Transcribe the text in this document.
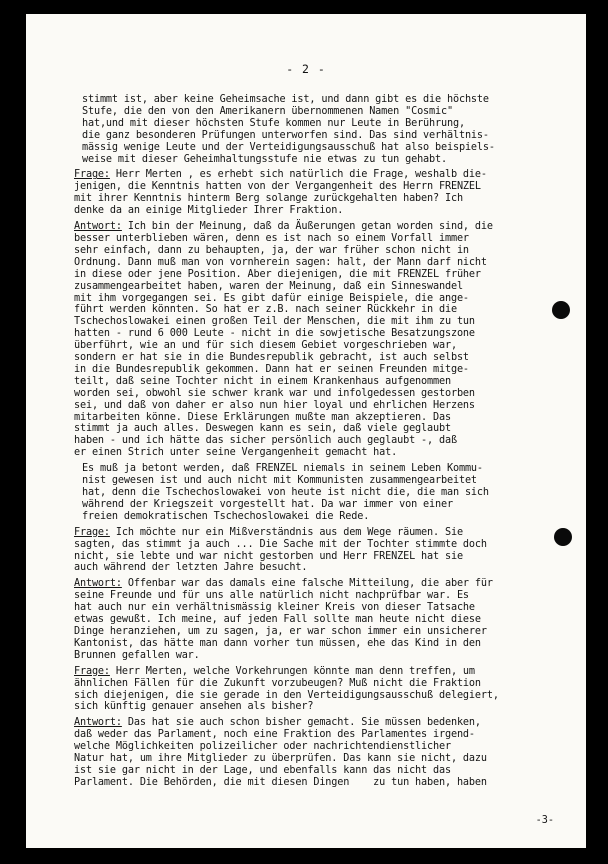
- 2 -
stimmt ist, aber keine Geheimsache ist, und dann gibt es die höchste
Stufe, die den von den Amerikanern übernommenen Namen "Cosmic"
hat,und mit dieser höchsten Stufe kommen nur Leute in Berührung,
die ganz besonderen Prüfungen unterworfen sind. Das sind verhältnis-
mässig wenige Leute und der Verteidigungsausschuß hat also beispiels-
weise mit dieser Geheimhaltungsstufe nie etwas zu tun gehabt.
Frage: Herr Merten , es erhebt sich natürlich die Frage, weshalb die-
jenigen, die Kenntnis hatten von der Vergangenheit des Herrn FRENZEL
mit ihrer Kenntnis hinterm Berg solange zurückgehalten haben? Ich
denke da an einige Mitglieder Ihrer Fraktion.
Antwort: Ich bin der Meinung, daß da Äußerungen getan worden sind, die
besser unterblieben wären, denn es ist nach so einem Vorfall immer
sehr einfach, dann zu behaupten, ja, der war früher schon nicht in
Ordnung. Dann muß man von vornherein sagen: halt, der Mann darf nicht
in diese oder jene Position. Aber diejenigen, die mit FRENZEL früher
zusammengearbeitet haben, waren der Meinung, daß ein Sinneswandel
mit ihm vorgegangen sei. Es gibt dafür einige Beispiele, die ange-
führt werden könnten. So hat er z.B. nach seiner Rückkehr in die
Tschechoslowakei einen großen Teil der Menschen, die mit ihm zu tun
hatten - rund 6 000 Leute - nicht in die sowjetische Besatzungszone
überführt, wie an und für sich diesem Gebiet vorgeschrieben war,
sondern er hat sie in die Bundesrepublik gebracht, ist auch selbst
in die Bundesrepublik gekommen. Dann hat er seinen Freunden mitge-
teilt, daß seine Tochter nicht in einem Krankenhaus aufgenommen
worden sei, obwohl sie schwer krank war und infolgedessen gestorben
sei, und daß von daher er also nun hier loyal und ehrlichen Herzens
mitarbeiten könne. Diese Erklärungen mußte man akzeptieren. Das
stimmt ja auch alles. Deswegen kann es sein, daß viele geglaubt
haben - und ich hätte das sicher persönlich auch geglaubt -, daß
er einen Strich unter seine Vergangenheit gemacht hat.
Es muß ja betont werden, daß FRENZEL niemals in seinem Leben Kommu-
nist gewesen ist und auch nicht mit Kommunisten zusammengearbeitet
hat, denn die Tschechoslowakei von heute ist nicht die, die man sich
während der Kriegszeit vorgestellt hat. Da war immer von einer
freien demokratischen Tschechoslowakei die Rede.
Frage: Ich möchte nur ein Mißverständnis aus dem Wege räumen. Sie
sagten, das stimmt ja auch ... Die Sache mit der Tochter stimmte doch
nicht, sie lebte und war nicht gestorben und Herr FRENZEL hat sie
auch während der letzten Jahre besucht.
Antwort: Offenbar war das damals eine falsche Mitteilung, die aber für
seine Freunde und für uns alle natürlich nicht nachprüfbar war. Es
hat auch nur ein verhältnismässig kleiner Kreis von dieser Tatsache
etwas gewußt. Ich meine, auf jeden Fall sollte man heute nicht diese
Dinge heranziehen, um zu sagen, ja, er war schon immer ein unsicherer
Kantonist, das hätte man dann vorher tun müssen, ehe das Kind in den
Brunnen gefallen war.
Frage: Herr Merten, welche Vorkehrungen könnte man denn treffen, um
ähnlichen Fällen für die Zukunft vorzubeugen? Muß nicht die Fraktion
sich diejenigen, die sie gerade in den Verteidigungsausschuß delegiert,
sich künftig genauer ansehen als bisher?
Antwort: Das hat sie auch schon bisher gemacht. Sie müssen bedenken,
daß weder das Parlament, noch eine Fraktion des Parlamentes irgend-
welche Möglichkeiten polizeilicher oder nachrichtendienstlicher
Natur hat, um ihre Mitglieder zu überprüfen. Das kann sie nicht, dazu
ist sie gar nicht in der Lage, und ebenfalls kann das nicht das
Parlament. Die Behörden, die mit diesen Dingen    zu tun haben, haben
-3-
